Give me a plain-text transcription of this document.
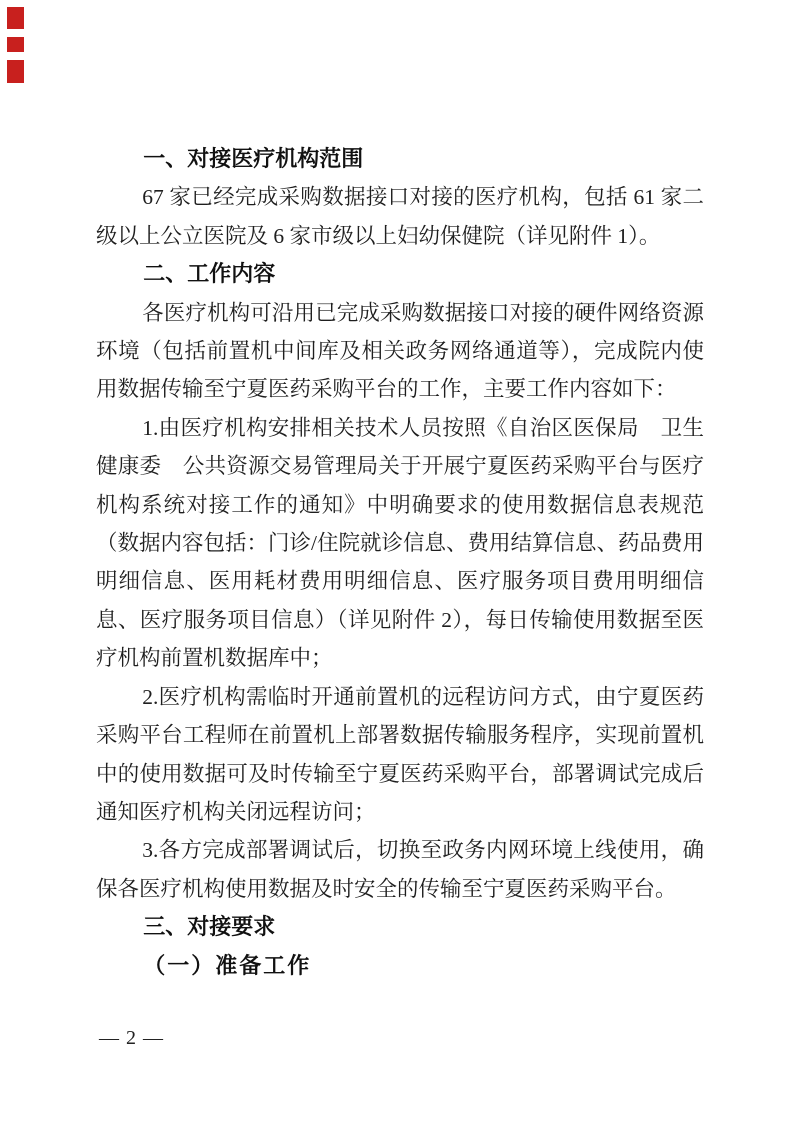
一、对接医疗机构范围

67 家已经完成采购数据接口对接的医疗机构，包括 61 家二级以上公立医院及 6 家市级以上妇幼保健院（详见附件 1）。

二、工作内容

各医疗机构可沿用已完成采购数据接口对接的硬件网络资源环境（包括前置机中间库及相关政务网络通道等），完成院内使用数据传输至宁夏医药采购平台的工作，主要工作内容如下：

1.由医疗机构安排相关技术人员按照《自治区医保局　卫生健康委　公共资源交易管理局关于开展宁夏医药采购平台与医疗机构系统对接工作的通知》中明确要求的使用数据信息表规范（数据内容包括：门诊/住院就诊信息、费用结算信息、药品费用明细信息、医用耗材费用明细信息、医疗服务项目费用明细信息、医疗服务项目信息）（详见附件 2），每日传输使用数据至医疗机构前置机数据库中；

2.医疗机构需临时开通前置机的远程访问方式，由宁夏医药采购平台工程师在前置机上部署数据传输服务程序，实现前置机中的使用数据可及时传输至宁夏医药采购平台，部署调试完成后通知医疗机构关闭远程访问；

3.各方完成部署调试后，切换至政务内网环境上线使用，确保各医疗机构使用数据及时安全的传输至宁夏医药采购平台。

三、对接要求

（一）准备工作

— 2 —
